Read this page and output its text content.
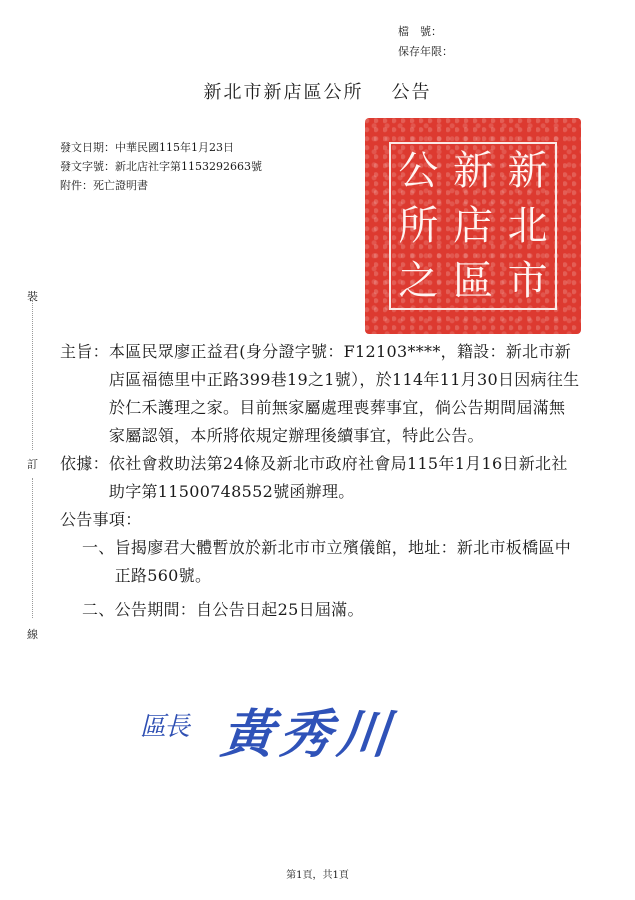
檔　號：
保存年限：
新北市新店區公所 公告
發文日期：中華民國115年1月23日
發文字號：新北店社字第1153292663號
附件：死亡證明書	新
北
市
新
店
區
公
所
之
裝
訂
線
主旨： 本區民眾廖正益君(身分證字號：F12103****，籍設：新北市新店區福德里中正路399巷19之1號），於114年11月30日因病往生於仁禾護理之家。目前無家屬處理喪葬事宜，倘公告期間屆滿無家屬認領，本所將依規定辦理後續事宜，特此公告。
依據： 依社會救助法第24條及新北市政府社會局115年1月16日新北社助字第11500748552號函辦理。
公告事項：
一、 旨揭廖君大體暫放於新北市市立殯儀館，地址：新北市板橋區中正路560號。
二、 公告期間：自公告日起25日屆滿。
區長 黃秀川
第1頁，共1頁
